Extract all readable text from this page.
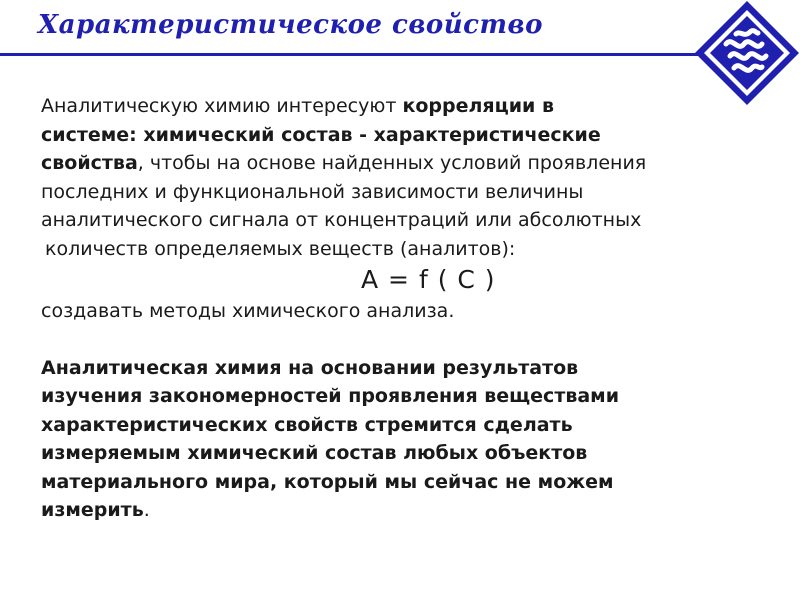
Характеристическое свойство

Аналитическую химию интересуют корреляции в
системе: химический состав - характеристические
свойства, чтобы на основе найденных условий проявления
последних и функциональной зависимости величины
аналитического сигнала от концентраций или абсолютных
количеств определяемых веществ (аналитов):

A = f ( C )

создавать методы химического анализа.

Аналитическая химия на основании результатов
изучения закономерностей проявления веществами
характеристических свойств стремится сделать
измеряемым химический состав любых объектов
материального мира, который мы сейчас не можем
измерить.
